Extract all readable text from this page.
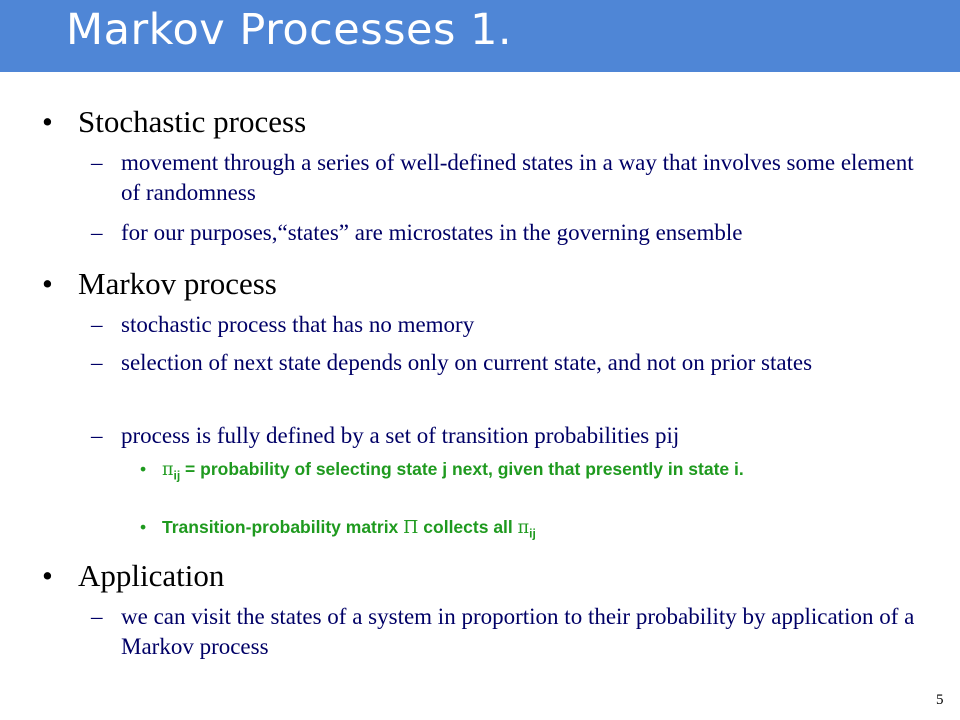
Markov Processes 1.
• Stochastic process
– movement through a series of well-defined states in a way that involves some element of randomness
– for our purposes,“states” are microstates in the governing ensemble
• Markov process
– stochastic process that has no memory
– selection of next state depends only on current state, and not on prior states
– process is fully defined by a set of transition probabilities pij
• $\pi_{ij}$ = probability of selecting state j next, given that presently in state i.
• Transition-probability matrix Π collects all $\pi_{ij}$
• Application
– we can visit the states of a system in proportion to their probability by application of a Markov process
5
